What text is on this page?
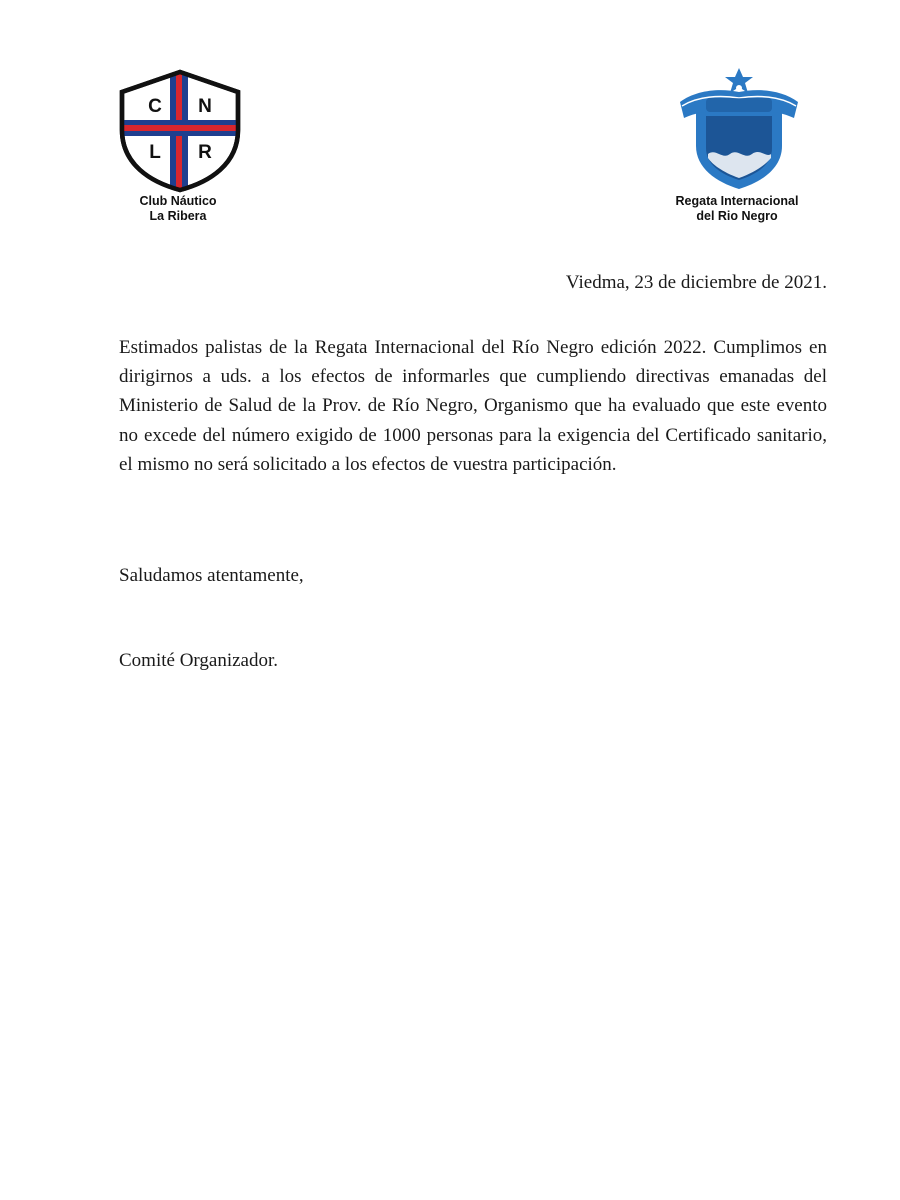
C N
L R
Club Náutico
La Ribera
Regata Internacional
del Rio Negro
Viedma, 23 de diciembre de 2021.
Estimados palistas de la Regata Internacional del Río Negro edición 2022. Cumplimos en dirigirnos a uds. a los efectos de informarles que cumpliendo directivas emanadas del Ministerio de Salud de la Prov. de Río Negro, Organismo que ha evaluado que este evento no excede del número exigido de 1000 personas para la exigencia del Certificado sanitario, el mismo no será solicitado a los efectos de vuestra participación.
Saludamos atentamente,
Comité Organizador.
